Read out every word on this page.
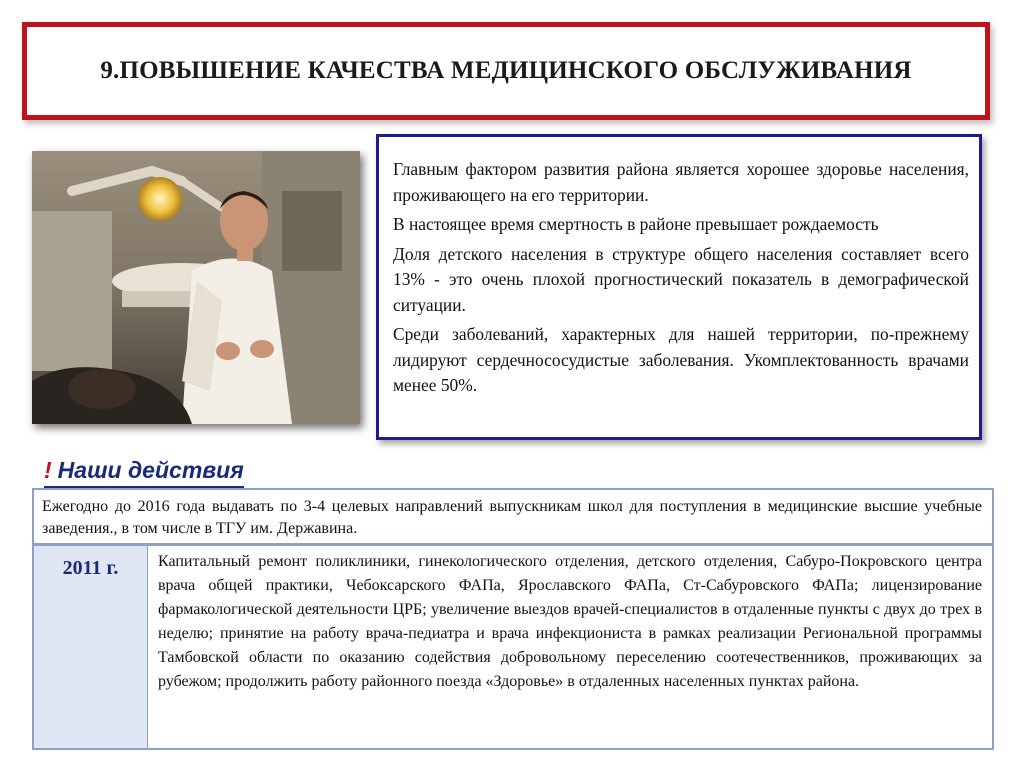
9.ПОВЫШЕНИЕ КАЧЕСТВА МЕДИЦИНСКОГО ОБСЛУЖИВАНИЯ

Главным фактором развития района является хорошее здоровье населения, проживающего на его территории.

В настоящее время смертность в районе превышает рождаемость

Доля детского населения в структуре общего населения составляет всего 13% - это очень плохой прогностический показатель в демографической ситуации.

Среди заболеваний, характерных для нашей территории, по-прежнему лидируют сердечнососудистые заболевания. Укомплектованность врачами менее 50%.

! Наши действия

Ежегодно до 2016 года выдавать по 3-4 целевых направлений выпускникам школ для поступления в медицинские высшие учебные заведения., в том числе в ТГУ им. Державина.

2011 г.	Капитальный ремонт поликлиники, гинекологического отделения, детского отделения, Сабуро-Покровского центра врача общей практики, Чебоксарского ФАПа, Ярославского ФАПа, Ст-Сабуровского ФАПа; лицензирование фармакологической деятельности ЦРБ; увеличение выездов врачей-специалистов в отдаленные пункты с двух до трех в неделю; принятие на работу врача-педиатра и врача инфекциониста в рамках реализации Региональной программы Тамбовской области по оказанию содействия добровольному переселению соотечественников, проживающих за рубежом; продолжить работу районного поезда «Здоровье» в отдаленных населенных пунктах района.
